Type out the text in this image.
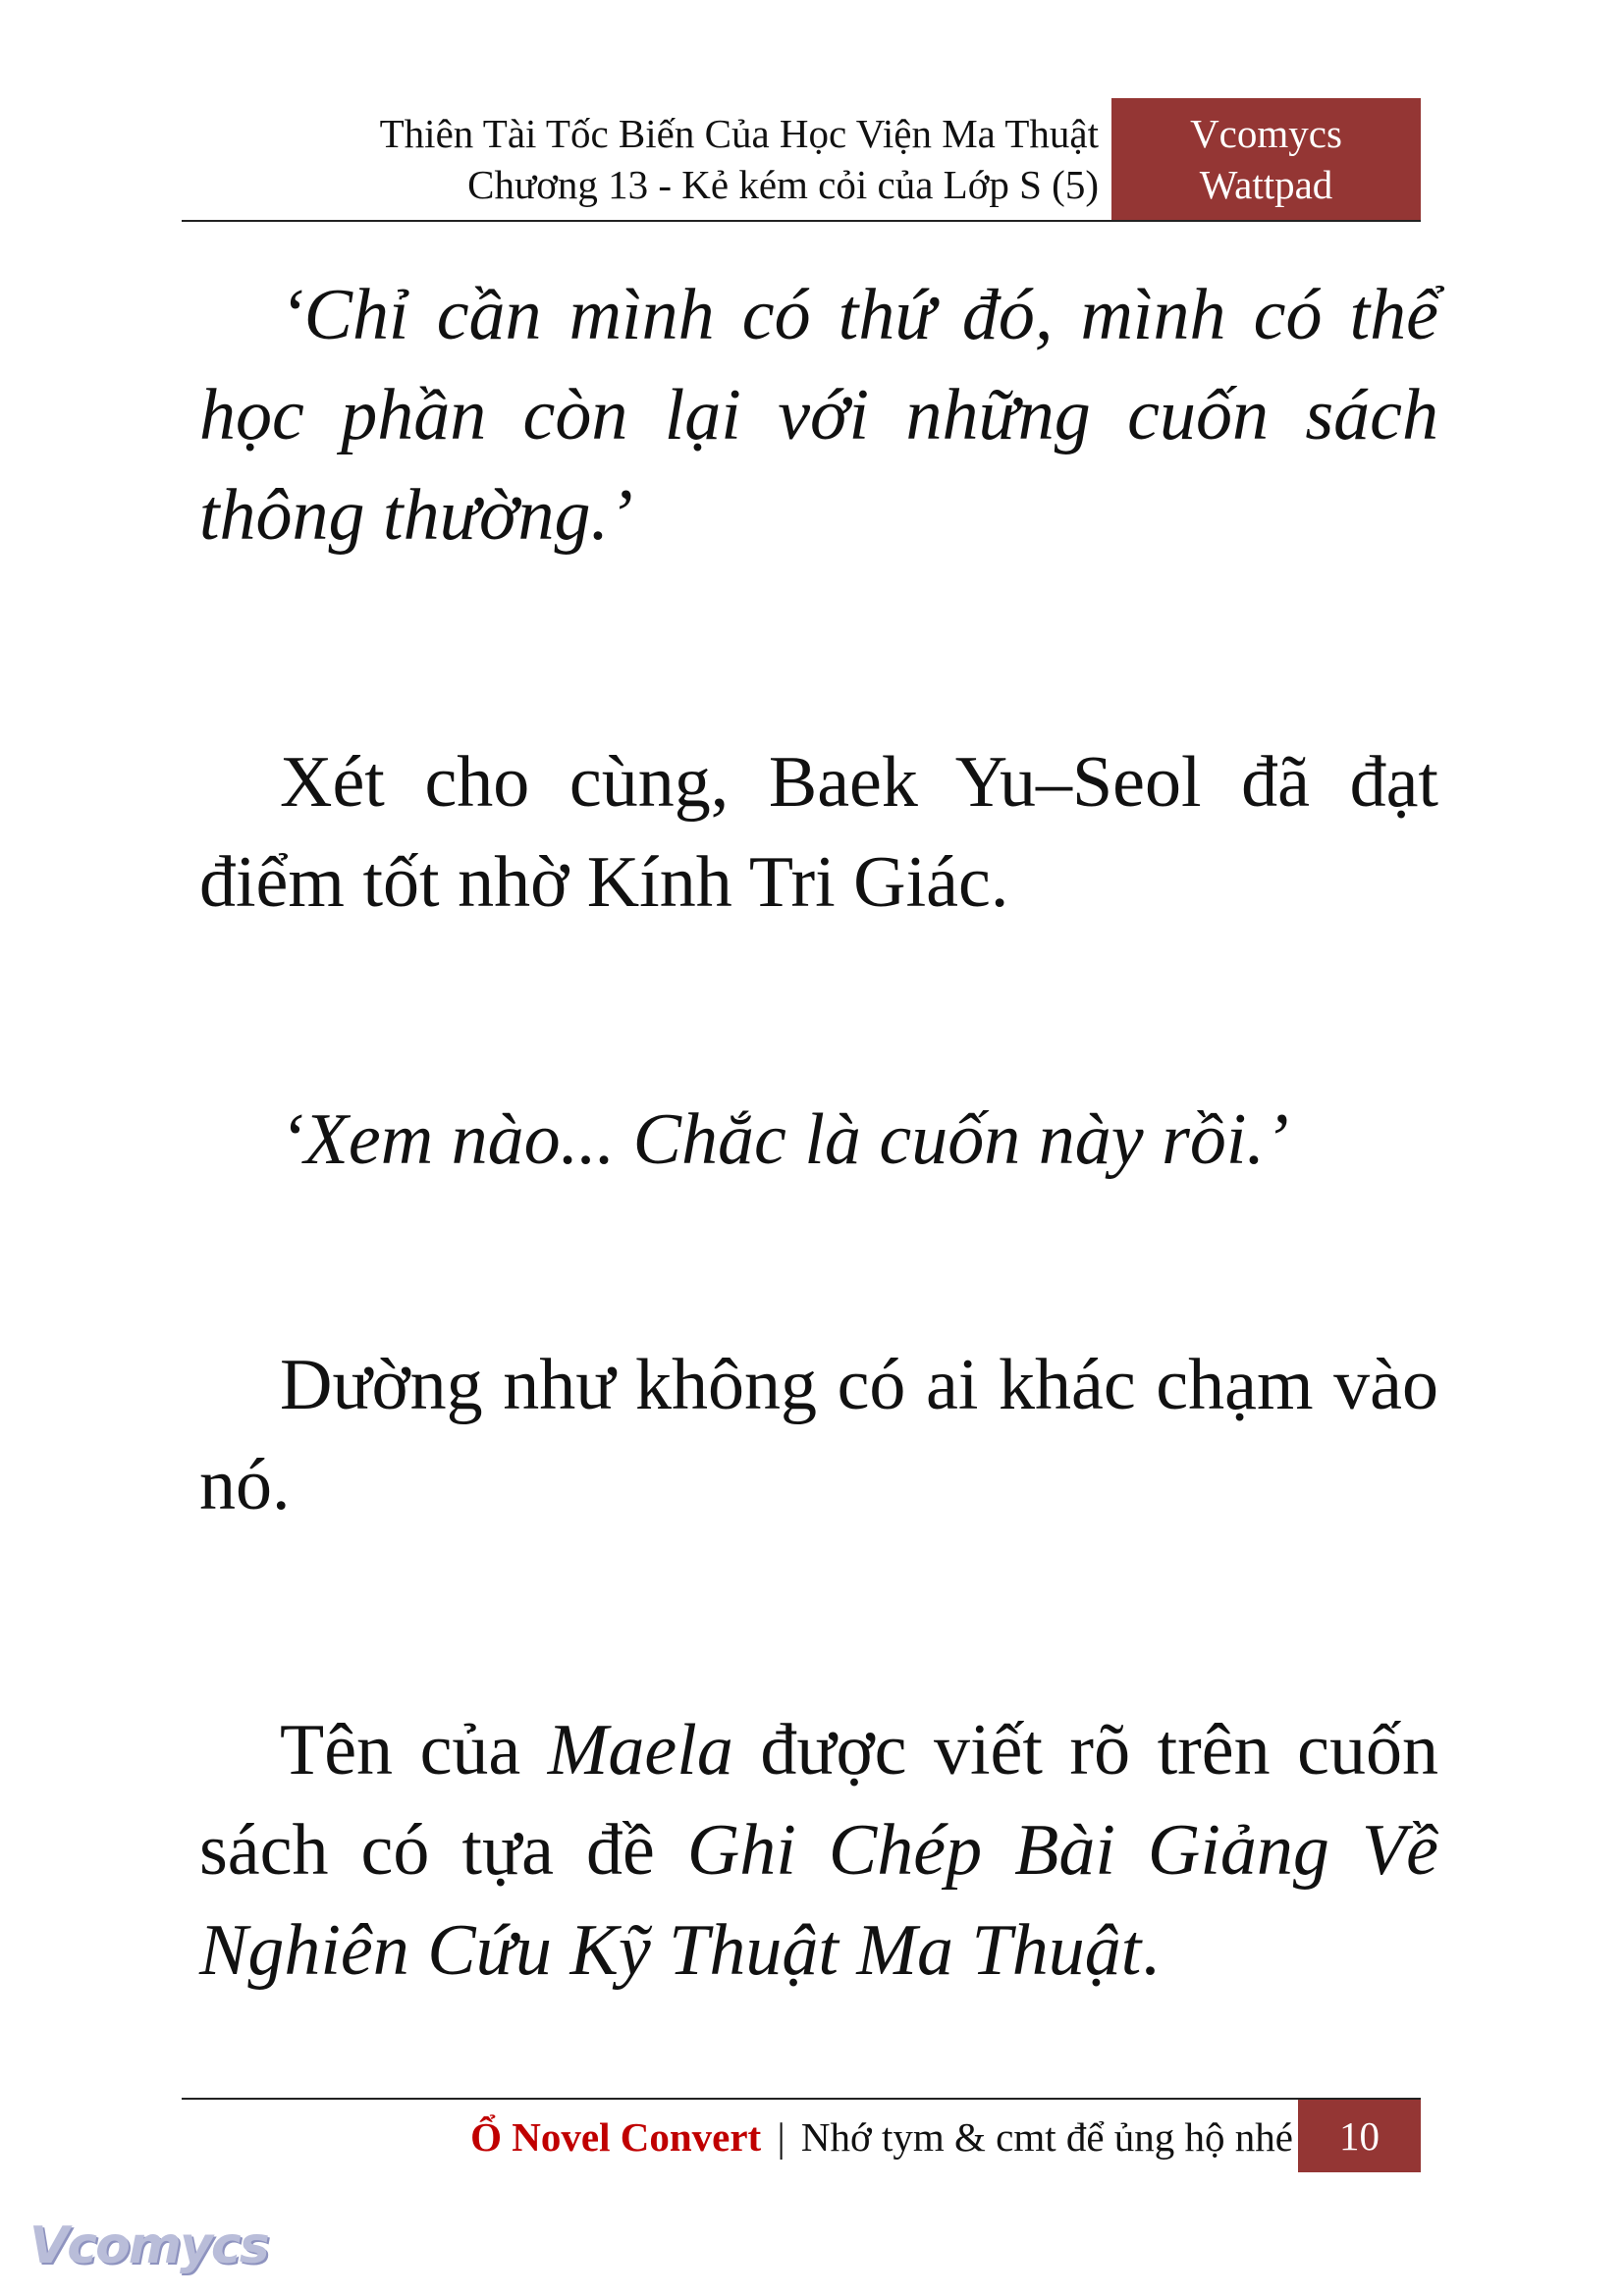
Thiên Tài Tốc Biến Của Học Viện Ma Thuật
Chương 13 - Kẻ kém cỏi của Lớp S (5)
Vcomycs
Wattpad

‘Chỉ cần mình có thứ đó, mình có thể học phần còn lại với những cuốn sách thông thường.’

Xét cho cùng, Baek Yu–Seol đã đạt điểm tốt nhờ Kính Tri Giác.

‘Xem nào... Chắc là cuốn này rồi.’

Dường như không có ai khác chạm vào nó.

Tên của Maela được viết rõ trên cuốn sách có tựa đề Ghi Chép Bài Giảng Về Nghiên Cứu Kỹ Thuật Ma Thuật.

Ổ Novel Convert | Nhớ tym & cmt để ủng hộ nhé	10
Vcomycs
